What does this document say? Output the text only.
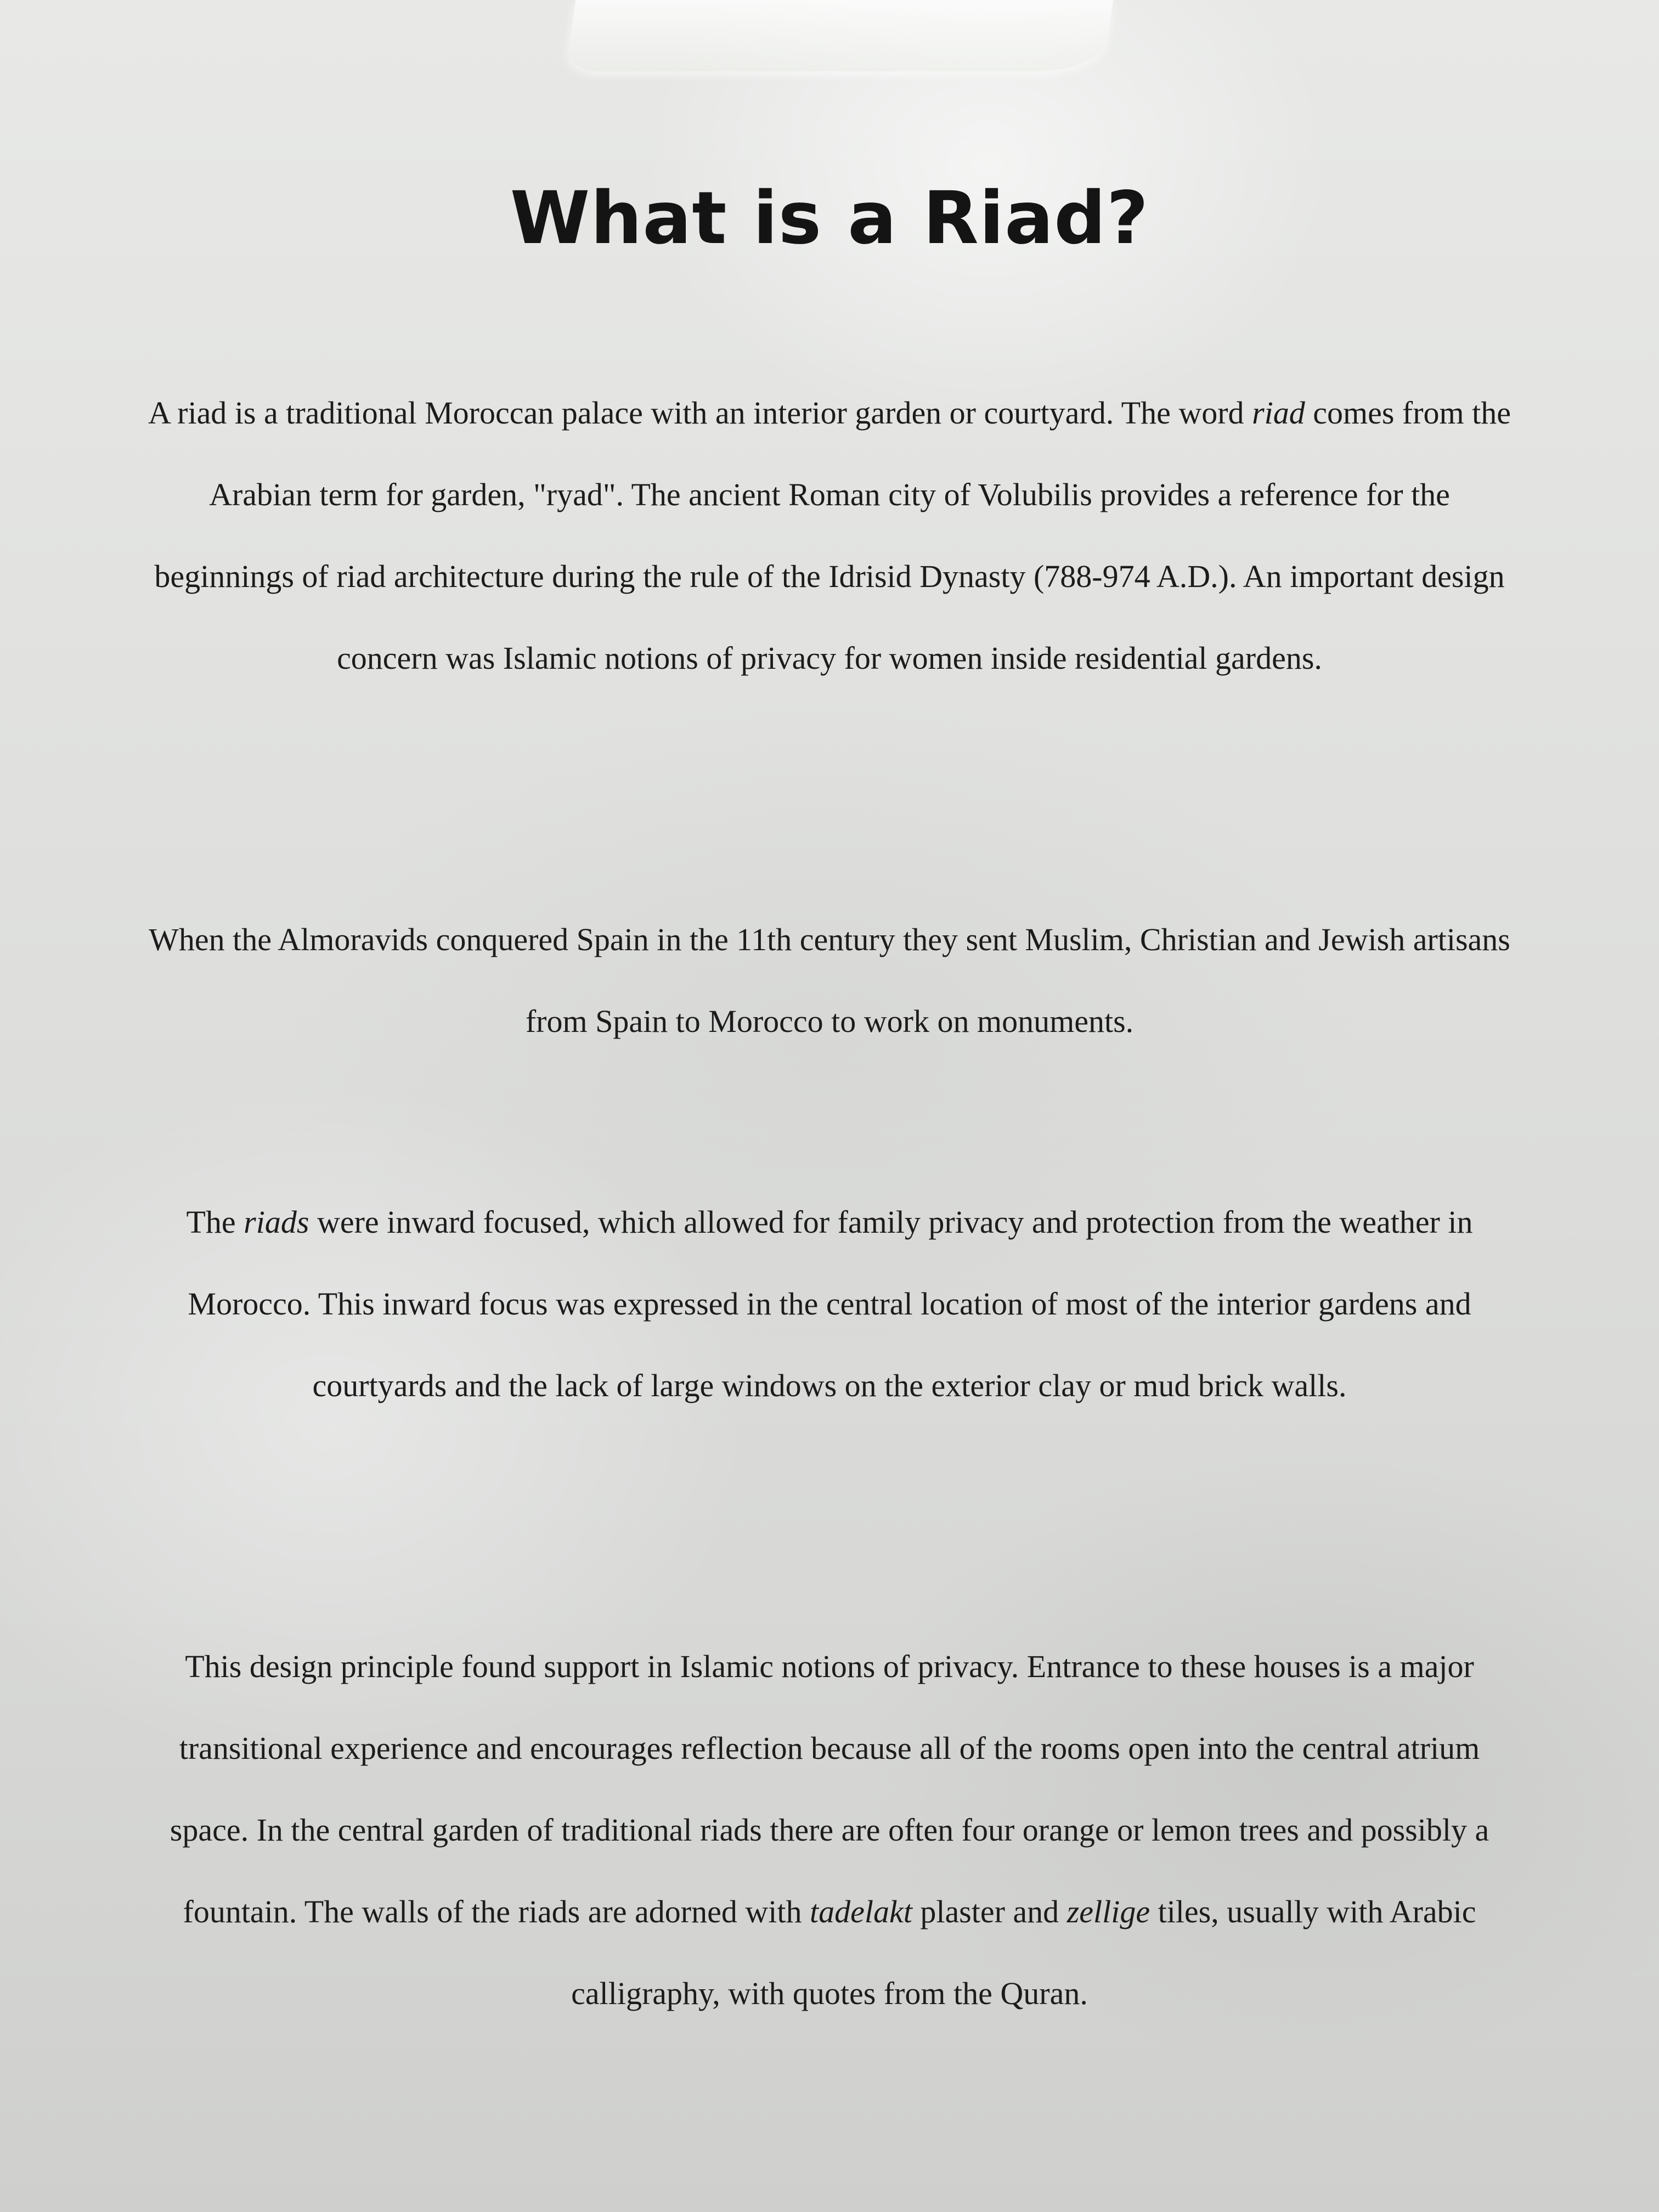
What is a Riad?

A riad is a traditional Moroccan palace with an interior garden or courtyard. The word riad comes from the Arabian term for garden, "ryad". The ancient Roman city of Volubilis provides a reference for the beginnings of riad architecture during the rule of the Idrisid Dynasty (788-974 A.D.). An important design concern was Islamic notions of privacy for women inside residential gardens.

When the Almoravids conquered Spain in the 11th century they sent Muslim, Christian and Jewish artisans from Spain to Morocco to work on monuments.

The riads were inward focused, which allowed for family privacy and protection from the weather in Morocco. This inward focus was expressed in the central location of most of the interior gardens and courtyards and the lack of large windows on the exterior clay or mud brick walls.

This design principle found support in Islamic notions of privacy. Entrance to these houses is a major transitional experience and encourages reflection because all of the rooms open into the central atrium space. In the central garden of traditional riads there are often four orange or lemon trees and possibly a fountain. The walls of the riads are adorned with tadelakt plaster and zellige tiles, usually with Arabic calligraphy, with quotes from the Quran.
